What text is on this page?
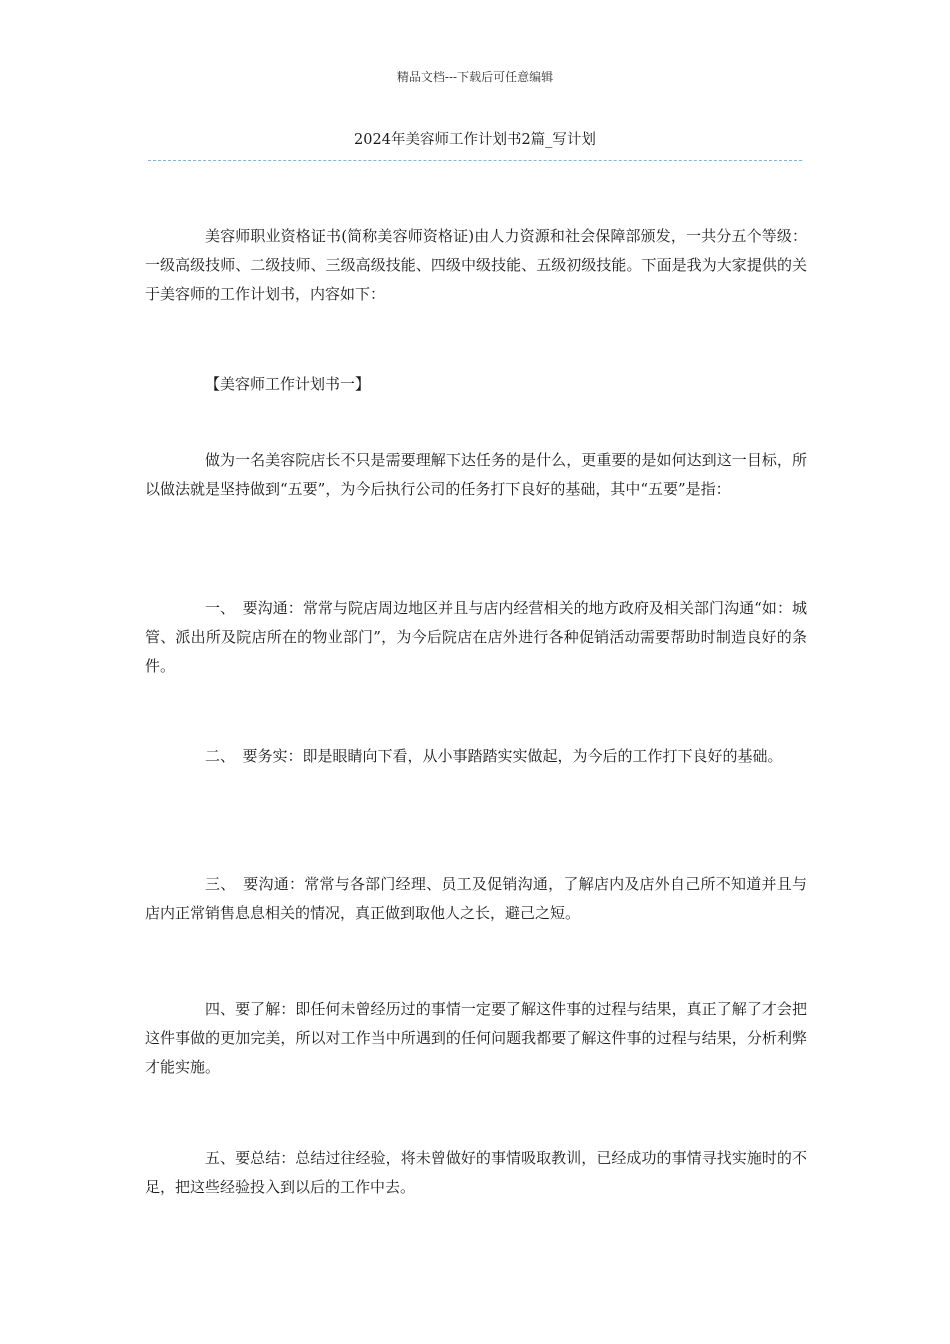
精品文档---下载后可任意编辑
2024年美容师工作计划书2篇_写计划

美容师职业资格证书(简称美容师资格证)由人力资源和社会保障部颁发，一共分五个等级：一级高级技师、二级技师、三级高级技能、四级中级技能、五级初级技能。下面是我为大家提供的关于美容师的工作计划书，内容如下：

【美容师工作计划书一】

做为一名美容院店长不只是需要理解下达任务的是什么，更重要的是如何达到这一目标，所以做法就是坚持做到“五要”，为今后执行公司的任务打下良好的基础，其中“五要”是指：

一、　要沟通：常常与院店周边地区并且与店内经营相关的地方政府及相关部门沟通“如：城管、派出所及院店所在的物业部门”，为今后院店在店外进行各种促销活动需要帮助时制造良好的条件。

二、　要务实：即是眼睛向下看，从小事踏踏实实做起，为今后的工作打下良好的基础。

三、　要沟通：常常与各部门经理、员工及促销沟通，了解店内及店外自己所不知道并且与店内正常销售息息相关的情况，真正做到取他人之长，避己之短。

四、要了解：即任何未曾经历过的事情一定要了解这件事的过程与结果，真正了解了才会把这件事做的更加完美，所以对工作当中所遇到的任何问题我都要了解这件事的过程与结果，分析利弊才能实施。

五、要总结：总结过往经验，将未曾做好的事情吸取教训，已经成功的事情寻找实施时的不足，把这些经验投入到以后的工作中去。
